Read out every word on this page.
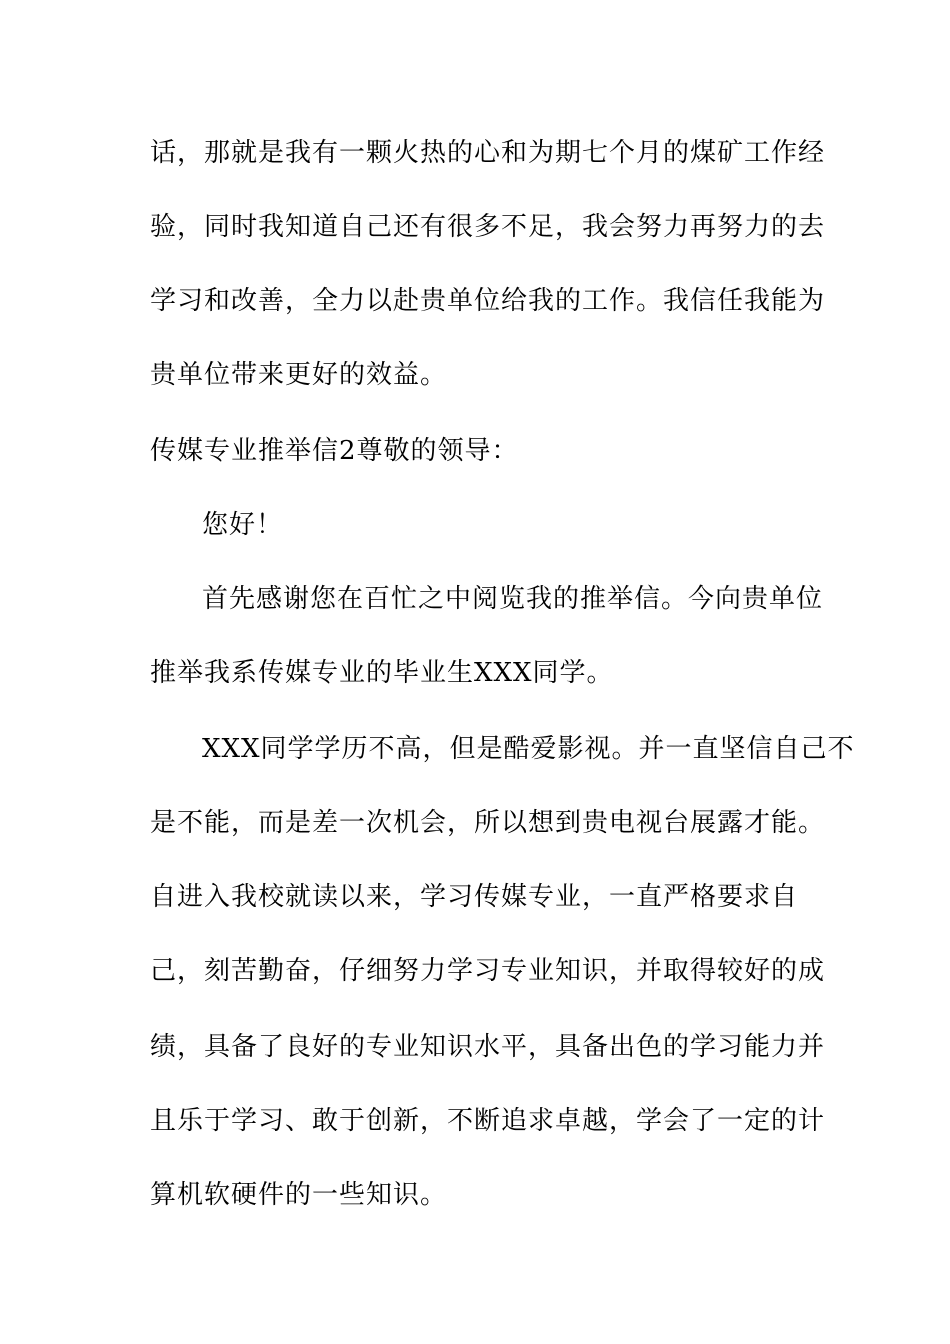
话，那就是我有一颗火热的心和为期七个月的煤矿工作经
验，同时我知道自己还有很多不足，我会努力再努力的去
学习和改善，全力以赴贵单位给我的工作。我信任我能为
贵单位带来更好的效益。
传媒专业推举信2尊敬的领导：
您好！
首先感谢您在百忙之中阅览我的推举信。今向贵单位
推举我系传媒专业的毕业生XXX同学。
XXX同学学历不高，但是酷爱影视。并一直坚信自己不
是不能，而是差一次机会，所以想到贵电视台展露才能。
自进入我校就读以来，学习传媒专业，一直严格要求自
己，刻苦勤奋，仔细努力学习专业知识，并取得较好的成
绩，具备了良好的专业知识水平，具备出色的学习能力并
且乐于学习、敢于创新，不断追求卓越，学会了一定的计
算机软硬件的一些知识。
